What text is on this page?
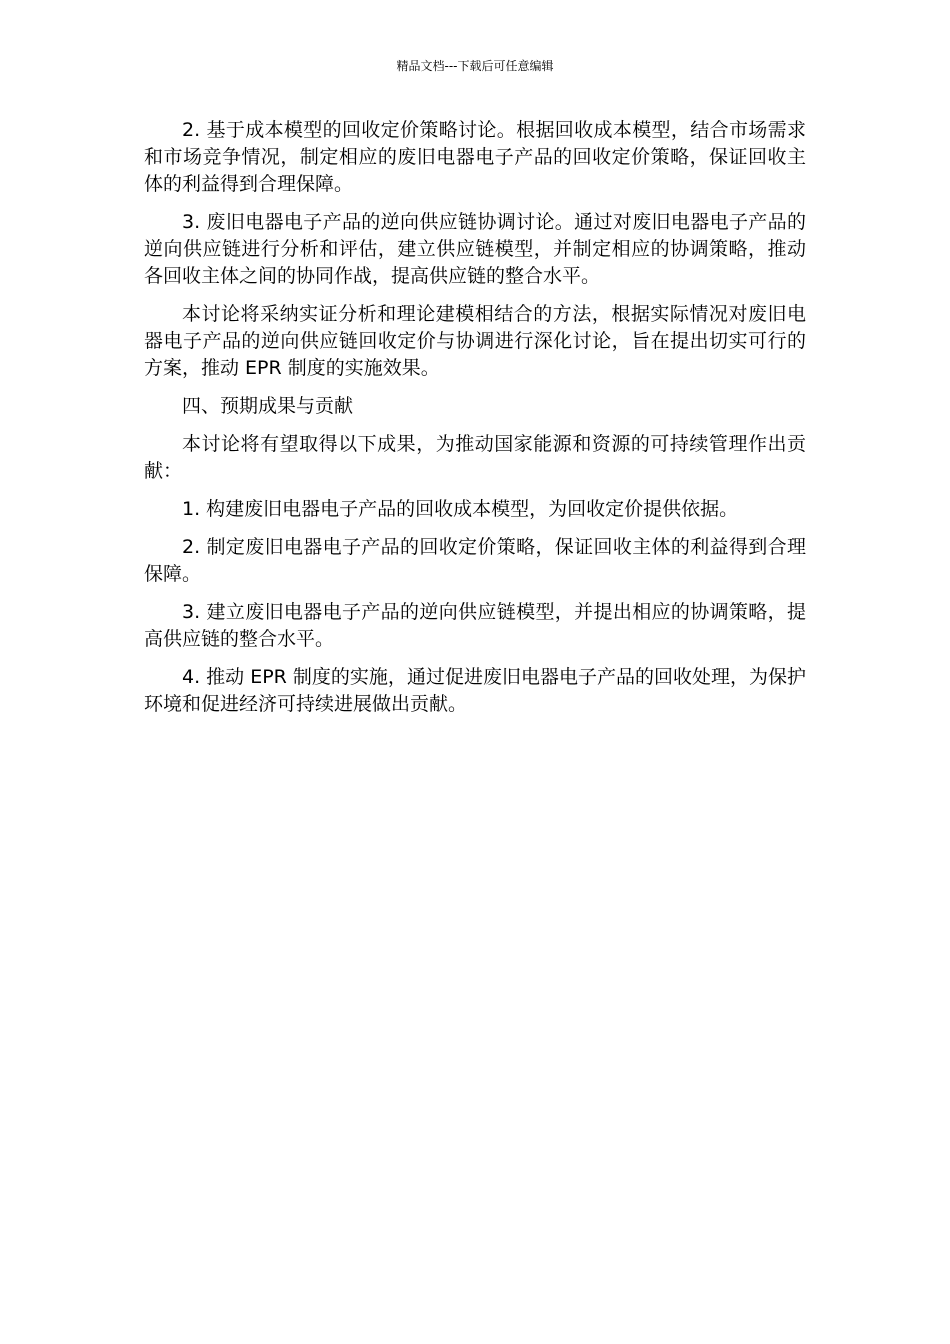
精品文档---下载后可任意编辑

2. 基于成本模型的回收定价策略讨论。根据回收成本模型，结合市场需求和市场竞争情况，制定相应的废旧电器电子产品的回收定价策略，保证回收主体的利益得到合理保障。

3. 废旧电器电子产品的逆向供应链协调讨论。通过对废旧电器电子产品的逆向供应链进行分析和评估，建立供应链模型，并制定相应的协调策略，推动各回收主体之间的协同作战，提高供应链的整合水平。

本讨论将采纳实证分析和理论建模相结合的方法，根据实际情况对废旧电器电子产品的逆向供应链回收定价与协调进行深化讨论，旨在提出切实可行的方案，推动 EPR 制度的实施效果。

四、预期成果与贡献

本讨论将有望取得以下成果，为推动国家能源和资源的可持续管理作出贡献：

1. 构建废旧电器电子产品的回收成本模型，为回收定价提供依据。

2. 制定废旧电器电子产品的回收定价策略，保证回收主体的利益得到合理保障。

3. 建立废旧电器电子产品的逆向供应链模型，并提出相应的协调策略，提高供应链的整合水平。

4. 推动 EPR 制度的实施，通过促进废旧电器电子产品的回收处理，为保护环境和促进经济可持续进展做出贡献。
